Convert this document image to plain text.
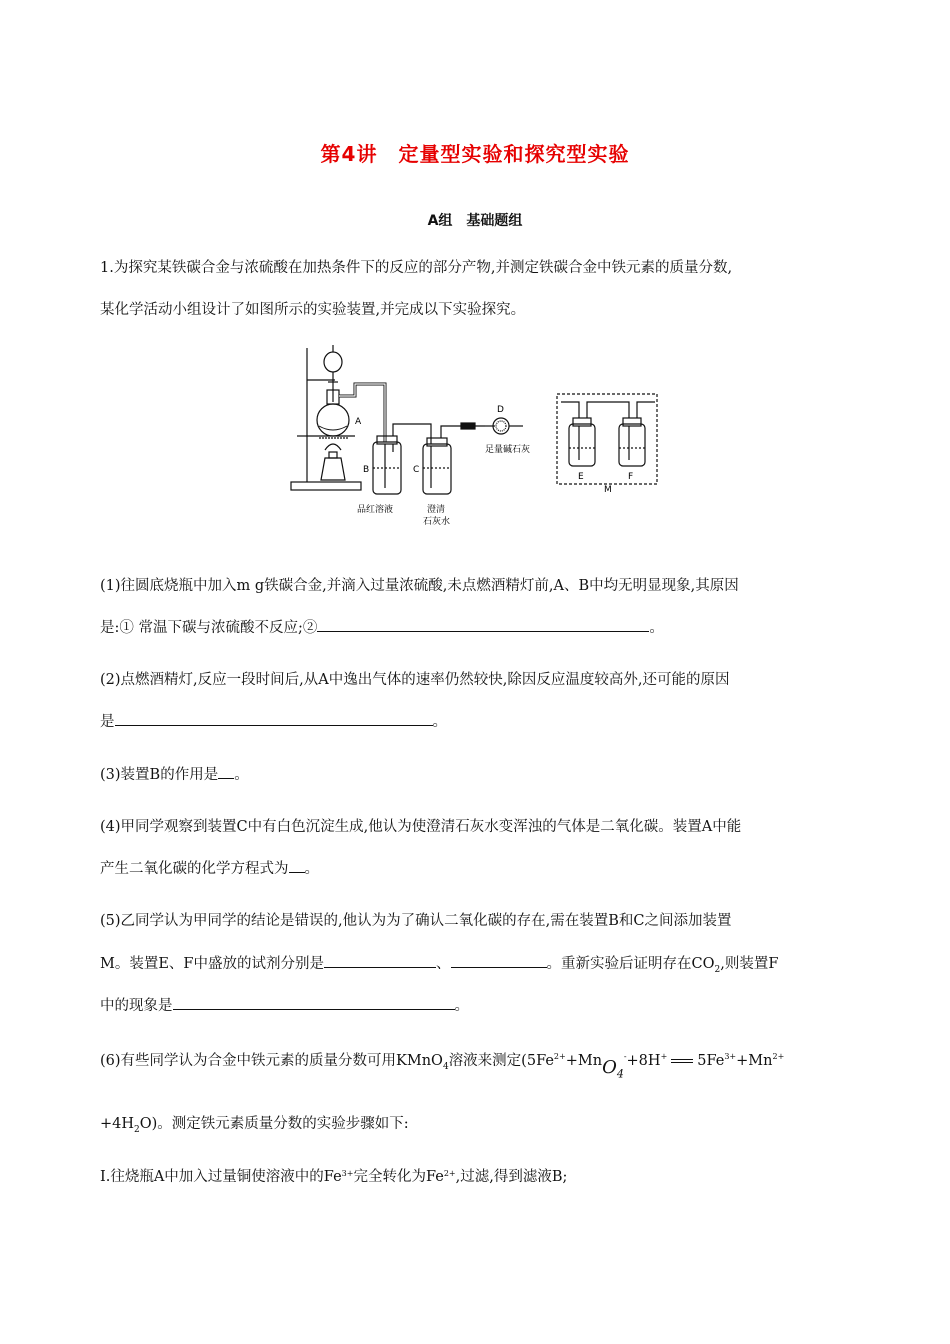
第4讲　定量型实验和探究型实验
A组　基础题组
1.为探究某铁碳合金与浓硫酸在加热条件下的反应的部分产物,并测定铁碳合金中铁元素的质量分数,
某化学活动小组设计了如图所示的实验装置,并完成以下实验探究。
A
B	C
D
E	F
M
品红溶液	澄清
石灰水
足量碱石灰
(1)往圆底烧瓶中加入m g铁碳合金,并滴入过量浓硫酸,未点燃酒精灯前,A、B中均无明显现象,其原因
是:① 常温下碳与浓硫酸不反应;②	。
(2)点燃酒精灯,反应一段时间后,从A中逸出气体的速率仍然较快,除因反应温度较高外,还可能的原因
是	。
(3)装置B的作用是 。
(4)甲同学观察到装置C中有白色沉淀生成,他认为使澄清石灰水变浑浊的气体是二氧化碳。装置A中能
产生二氧化碳的化学方程式为 。
(5)乙同学认为甲同学的结论是错误的,他认为为了确认二氧化碳的存在,需在装置B和C之间添加装置
M。装置E、F中盛放的试剂分别是	、	。重新实验后证明存在$CO_2$,则装置F
中的现象是	。
(6)有些同学认为合金中铁元素的质量分数可用KMnO$_4$溶液来测定($5Fe^{2+}+MnO_4^-+8H^+$ $5Fe^{3+}+Mn^{2+}$
$+4H_2O$)。测定铁元素质量分数的实验步骤如下:
Ⅰ.往烧瓶A中加入过量铜使溶液中的$Fe^{3+}$完全转化为$Fe^{2+}$,过滤,得到滤液B;
